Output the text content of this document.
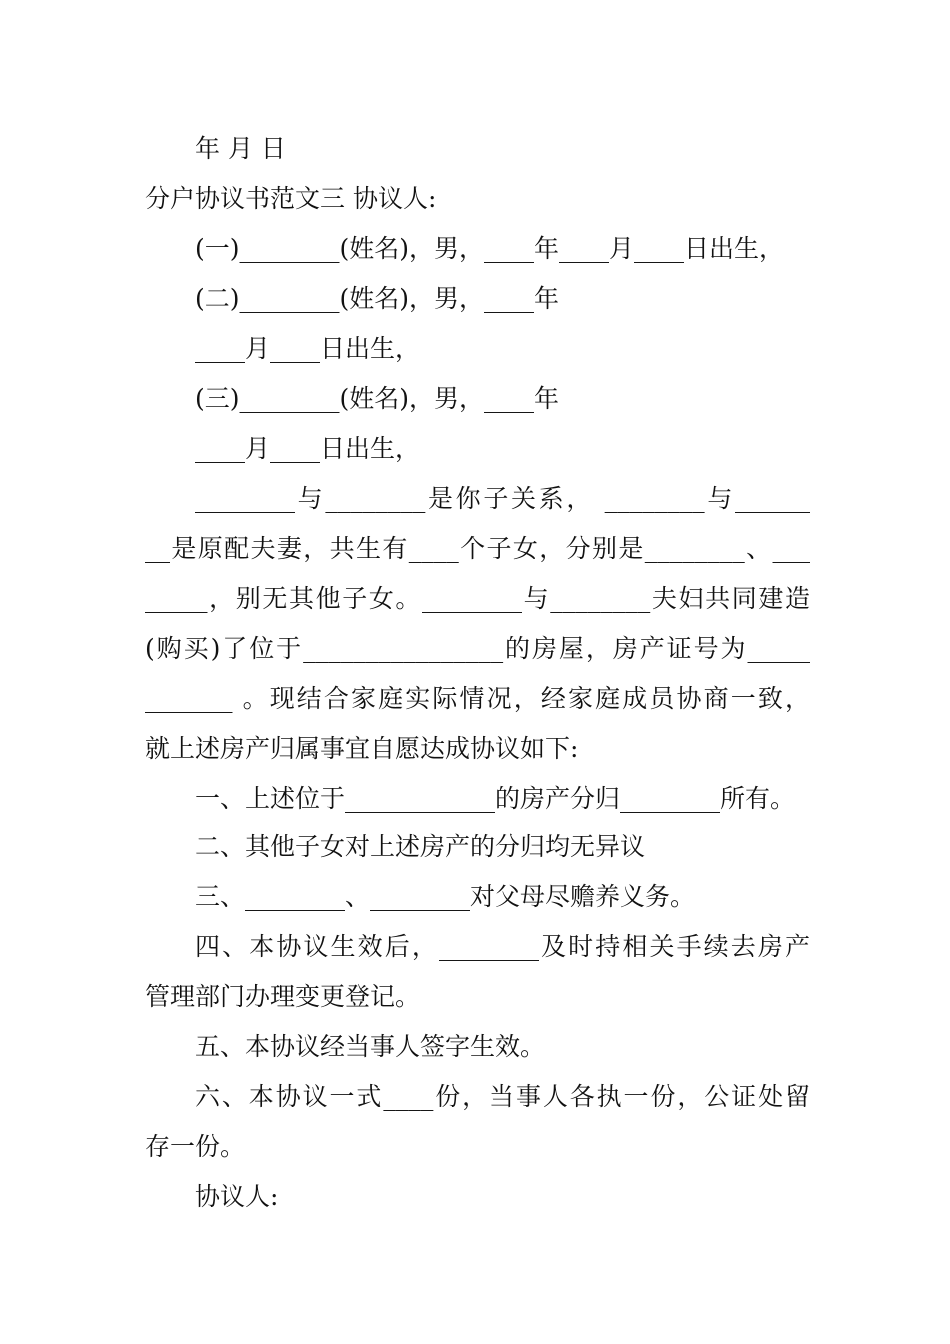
年 月 日
分户协议书范文三 协议人:
(一)________(姓名)，男，____年____月____日出生，
(二)________(姓名)，男，____年
____月____日出生，
(三)________(姓名)，男，____年
____月____日出生，
________与________是你子关系， ________与______
__是原配夫妻，共生有____个子女，分别是________、___
_____，别无其他子女。________与________夫妇共同建造
(购买)了位于________________的房屋，房产证号为_____
_______ 。现结合家庭实际情况，经家庭成员协商一致，
就上述房产归属事宜自愿达成协议如下:
一、上述位于____________的房产分归________所有。
二、其他子女对上述房产的分归均无异议
三、________、________对父母尽赡养义务。
四、本协议生效后，________及时持相关手续去房产
管理部门办理变更登记。
五、本协议经当事人签字生效。
六、本协议一式____份，当事人各执一份，公证处留
存一份。
协议人:
